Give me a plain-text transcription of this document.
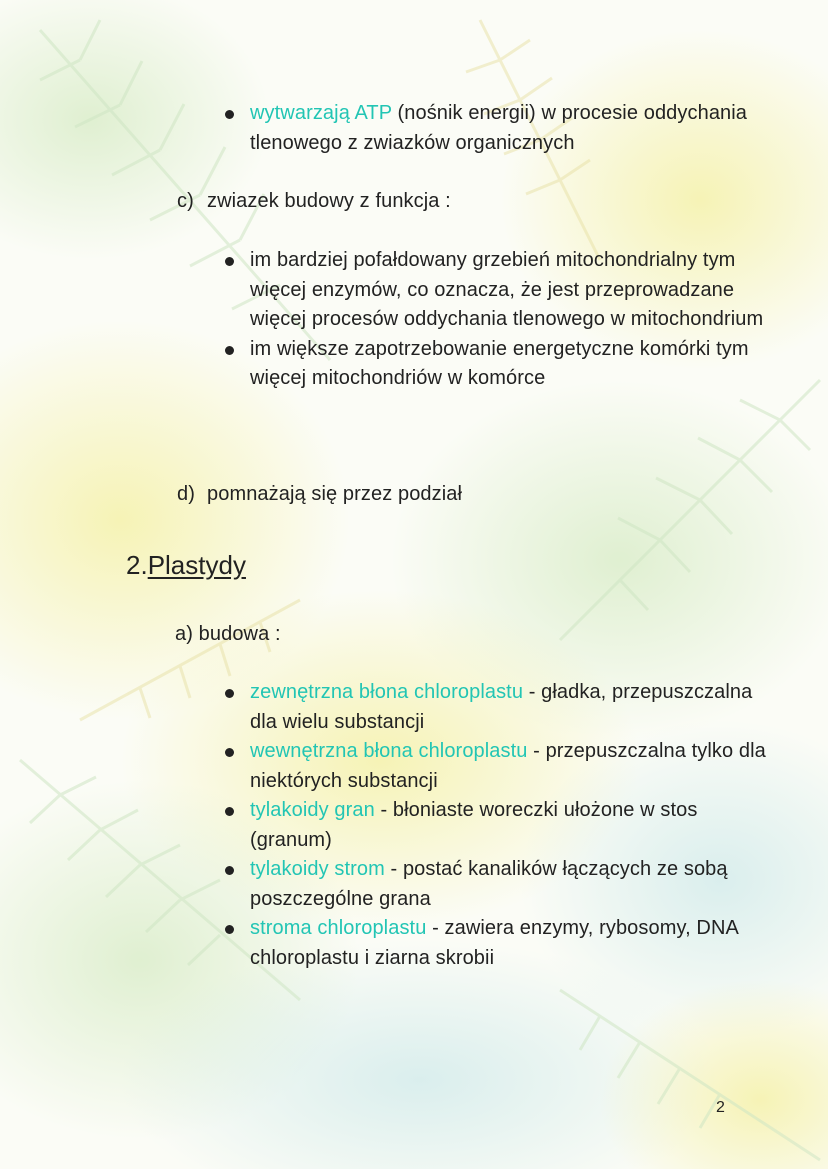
wytwarzają ATP (nośnik energii) w procesie oddychania tlenowego z zwiazków organicznych
c) zwiazek budowy z funkcja :
im bardziej pofałdowany grzebień mitochondrialny tym więcej enzymów, co oznacza, że jest przeprowadzane więcej procesów oddychania tlenowego w mitochondrium
im większe zapotrzebowanie energetyczne komórki tym więcej mitochondriów w komórce
d) pomnażają się przez podział
2.Plastydy
a) budowa :
zewnętrzna błona chloroplastu - gładka, przepuszczalna dla wielu substancji
wewnętrzna błona chloroplastu - przepuszczalna tylko dla niektórych substancji
tylakoidy gran - błoniaste woreczki ułożone w stos (granum)
tylakoidy strom - postać kanalików łączących ze sobą poszczególne grana
stroma chloroplastu - zawiera enzymy, rybosomy, DNA chloroplastu i ziarna skrobii
2
